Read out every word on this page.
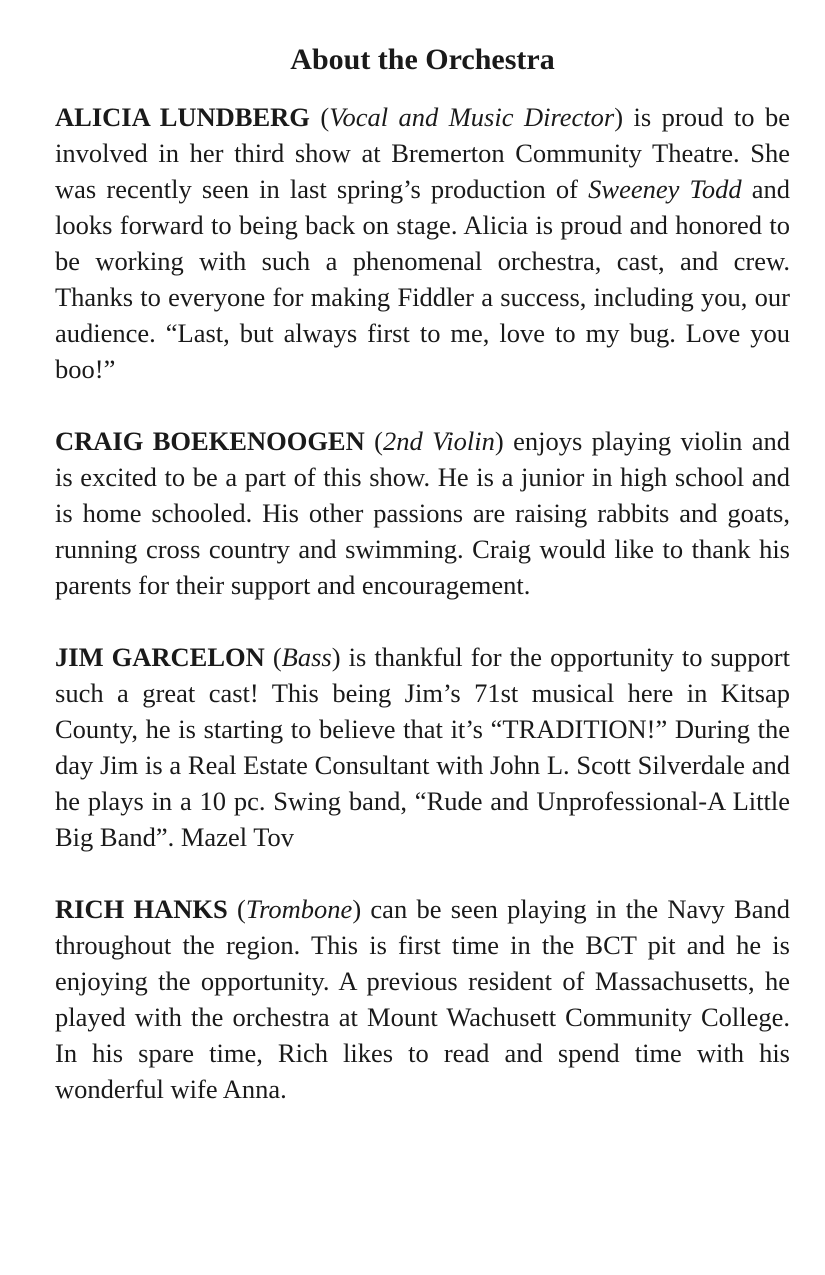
About the Orchestra

ALICIA LUNDBERG (Vocal and Music Director) is proud to be involved in her third show at Bremerton Community Theatre. She was recently seen in last spring’s production of Sweeney Todd and looks forward to being back on stage. Alicia is proud and honored to be working with such a phenomenal orchestra, cast, and crew. Thanks to everyone for making Fiddler a success, including you, our audience. “Last, but always first to me, love to my bug. Love you boo!”

CRAIG BOEKENOOGEN (2nd Violin) enjoys playing violin and is excited to be a part of this show. He is a junior in high school and is home schooled. His other passions are raising rabbits and goats, running cross country and swimming. Craig would like to thank his parents for their support and encouragement.

JIM GARCELON (Bass) is thankful for the opportunity to support such a great cast! This being Jim’s 71st musical here in Kitsap County, he is starting to believe that it’s “TRADITION!” During the day Jim is a Real Estate Consultant with John L. Scott Silverdale and he plays in a 10 pc. Swing band, “Rude and Unprofessional-A Little Big Band”. Mazel Tov

RICH HANKS (Trombone) can be seen playing in the Navy Band throughout the region. This is first time in the BCT pit and he is enjoying the opportunity. A previous resident of Massachusetts, he played with the orchestra at Mount Wachusett Community College. In his spare time, Rich likes to read and spend time with his wonderful wife Anna.
